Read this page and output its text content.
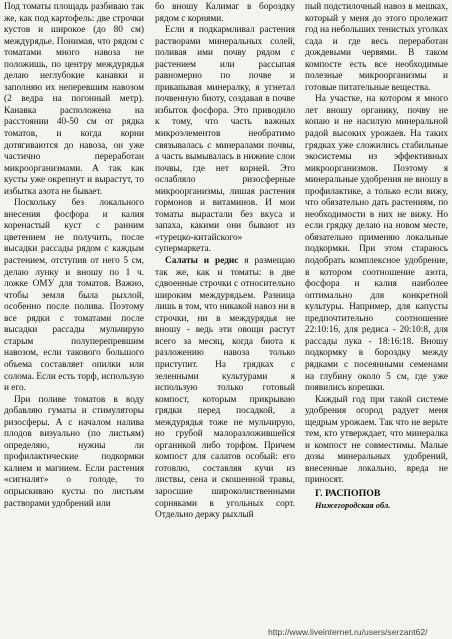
Под томаты площадь разбиваю так же, как под картофель: две строчки кустов и широкое (до 80 см) междурядье. Понимая, что рядом с томатами много навоза не положишь, по центру междурядья делаю неглубокие канавки и заполняю их неперевшим навозом (2 ведра на погонный метр). Канавка расположена на расстоянии 40-50 см от рядка томатов, и когда корни дотягиваются до навоза, он уже частично переработан микроорганизмами. А так как кусты уже окрепнут и вырастут, то избытка азота не бывает.

Поскольку без локального внесения фосфора и калия коренастый куст с ранним цветением не получить, после высадки рассады рядом с каждым растением, отступив от него 5 см, делаю лунку и вношу по 1 ч. ложке ОМУ для томатов. Важно, чтобы земля была рыхлой, особенно после полива. Поэтому все рядки с томатами после высадки рассады мульчирую старым полуперепревшим навозом, если такового большого объема составляет опилки или солома. Если есть торф, использую и его.

При поливе томатов в воду добавляю гуматы и стимуляторы ризосферы. А с началом налива плодов визуально (по листьям) определяю, нужны ли профилактические подкормки калием и магнием. Если растения «сигналят» о голоде, то опрыскиваю кусты по листьям растворами удобрений или

бо вношу Калимаг в бороздку рядом с корнями.

Если я подкармливал растения растворами минеральных солей, поливая ими почву рядом с растением или рассыпая равномерно по почве и прикапывая минералку, я угнетал почвенную биоту, создавая в почве избыток фосфора. Это приводило к тому, что часть важных микроэлементов необратимо связывалась с минералами почвы, а часть вымывалась в нижние слои почвы, где нет корней. Это ослабляло ризосферные микроорганизмы, лишая растения гормонов и витаминов. И мои томаты вырастали без вкуса и запаха, какими они бывают из «турецко-китайского» супермаркета.

Салаты и редис я размещаю так же, как и томаты: в две сдвоенные строчки с относительно широким междурядьем. Разница лишь в том, что никакой навоз ни в строчки, ни в междурядья не вношу - ведь эти овощи растут всего за месяц, когда биота к разложению навоза только приступит. На грядках с зеленными культурами я использую только готовый компост, которым прикрываю грядки перед посадкой, а междурядья тоже не мульчирую, но грубой малоразложившейся органикой либо торфом. Причем компост для салатов особый: его готовлю, составляя кучи из листвы, сена и скошенной травы, заросшие широколиственными сорняками в угольных сорт. Отдельно держу рыхлый

пый подстилочный навоз в мешках, который у меня до этого пролежит год на небольших тенистых уголках сада и где весь переработан дождевыми червями. В таком компосте есть все необходимые полезные микроорганизмы и готовые питательные вещества.

На участке, на котором я много лет вношу органику, почву не копаю и не насилую минеральной радой высоких урожаев. На таких грядках уже сложились стабильные экосистемы из эффективных микроорганизмов. Поэтому я минеральные удобрения не вношу в профилактике, а только если вижу, что обязательно дать растениям, по необходимости в них не вижу. Но если грядку делаю на новом месте, обязательно применяю локальные подкормки. При этом стараюсь подобрать комплексное удобрение, в котором соотношение азота, фосфора и калия наиболее оптимально для конкретной культуры. Например, для капусты предпочтительно соотношение 22:10:16, для редиса - 20:10:8, для рассады лука - 18:16:18. Вношу подкормку в бороздку между рядками с посеянными семенами на глубину около 5 см, где уже появились корешки.

Каждый год при такой системе удобрения огород радует меня щедрым урожаем. Так что не верьте тем, кто утверждает, что минералка и компост не совместимы. Малые дозы минеральных удобрений, внесенные локально, вреда не приносят.

Г. РАСПОПОВ
Нижегородская обл.
http://www.liveinternet.ru/users/serzant62/
